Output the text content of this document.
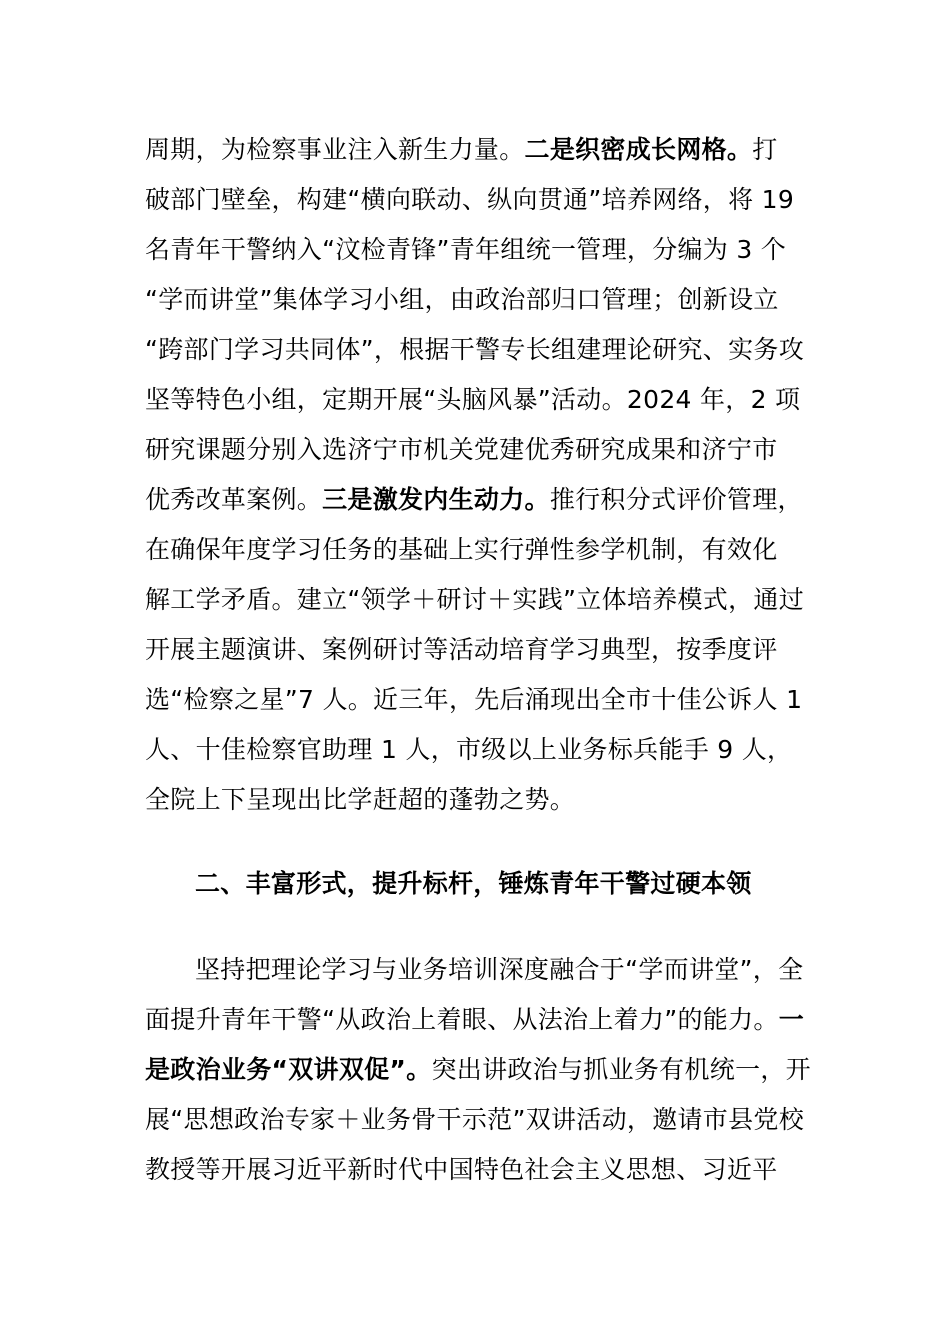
周期，为检察事业注入新生力量。二是织密成长网格。打
破部门壁垒，构建“横向联动、纵向贯通”培养网络，将 19
名青年干警纳入“汶检青锋”青年组统一管理，分编为 3 个
“学而讲堂”集体学习小组，由政治部归口管理；创新设立
“跨部门学习共同体”，根据干警专长组建理论研究、实务攻
坚等特色小组，定期开展“头脑风暴”活动。2024 年，2 项
研究课题分别入选济宁市机关党建优秀研究成果和济宁市
优秀改革案例。三是激发内生动力。推行积分式评价管理，
在确保年度学习任务的基础上实行弹性参学机制，有效化
解工学矛盾。建立“领学＋研讨＋实践”立体培养模式，通过
开展主题演讲、案例研讨等活动培育学习典型，按季度评
选“检察之星”7 人。近三年，先后涌现出全市十佳公诉人 1
人、十佳检察官助理 1 人，市级以上业务标兵能手 9 人，
全院上下呈现出比学赶超的蓬勃之势。
二、丰富形式，提升标杆，锤炼青年干警过硬本领
坚持把理论学习与业务培训深度融合于“学而讲堂”，全
面提升青年干警“从政治上着眼、从法治上着力”的能力。一
是政治业务“双讲双促”。突出讲政治与抓业务有机统一，开
展“思想政治专家＋业务骨干示范”双讲活动，邀请市县党校
教授等开展习近平新时代中国特色社会主义思想、习近平
